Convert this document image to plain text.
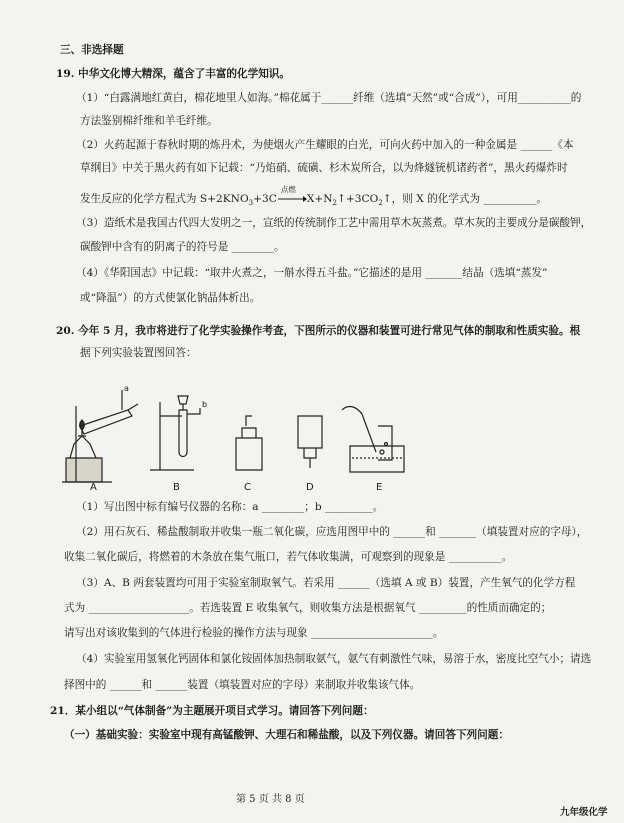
三、非选择题
19. 中华文化博大精深，蕴含了丰富的化学知识。
（1）“白露满地红黄白，棉花地里人如海。”棉花属于______纤维（选填“天然”或“合成”），可用__________的
方法鉴别棉纤维和羊毛纤维。
（2）火药起源于春秋时期的炼丹术，为使烟火产生耀眼的白光，可向火药中加入的一种金属是 ______《本
草纲目》中关于黑火药有如下记载：“乃焰硝、硫磺、杉木炭所合，以为烽燧铳机诸药者”，黑火药爆炸时
发生反应的化学方程式为 $S+2KNO_3+3C$
点燃
$X+N_2↑+3CO_2↑$，则 X 的化学式为 __________。
（3）造纸术是我国古代四大发明之一，宣纸的传统制作工艺中需用草木灰蒸煮。草木灰的主要成分是碳酸钾，
碳酸钾中含有的阴离子的符号是 ________。
（4）《华阳国志》中记载：“取井火煮之，一斛水得五斗盐。”它描述的是用 _______结晶（选填“蒸发”
或“降温”）的方式使氯化钠晶体析出。
20. 今年 5 月，我市将进行了化学实验操作考查，下图所示的仪器和装置可进行常见气体的制取和性质实验。根
据下列实验装置图回答：
a
b
A	B	C	D	E
（1）写出图中标有编号仪器的名称：a ________；b _________。
（2）用石灰石、稀盐酸制取并收集一瓶二氧化碳，应选用图甲中的 ______和 _______（填装置对应的字母），
收集二氧化碳后，将燃着的木条放在集气瓶口，若气体收集满，可观察到的现象是 __________。
（3）A、B 两套装置均可用于实验室制取氧气。若采用 ______（选填 A 或 B）装置，产生氧气的化学方程
式为 ___________________。若选装置 E 收集氧气，则收集方法是根据氧气 _________的性质而确定的；
请写出对该收集到的气体进行检验的操作方法与现象 _______________________。
（4）实验室用氢氧化钙固体和氯化铵固体加热制取氨气，氨气有刺激性气味，易溶于水，密度比空气小；请选
择图中的 ______和 ______装置（填装置对应的字母）来制取并收集该气体。
21．某小组以“气体制备”为主题展开项目式学习。请回答下列问题：
（一）基础实验：实验室中现有高锰酸钾、大理石和稀盐酸，以及下列仪器。请回答下列问题：
第 5 页 共 8 页
九年级化学
